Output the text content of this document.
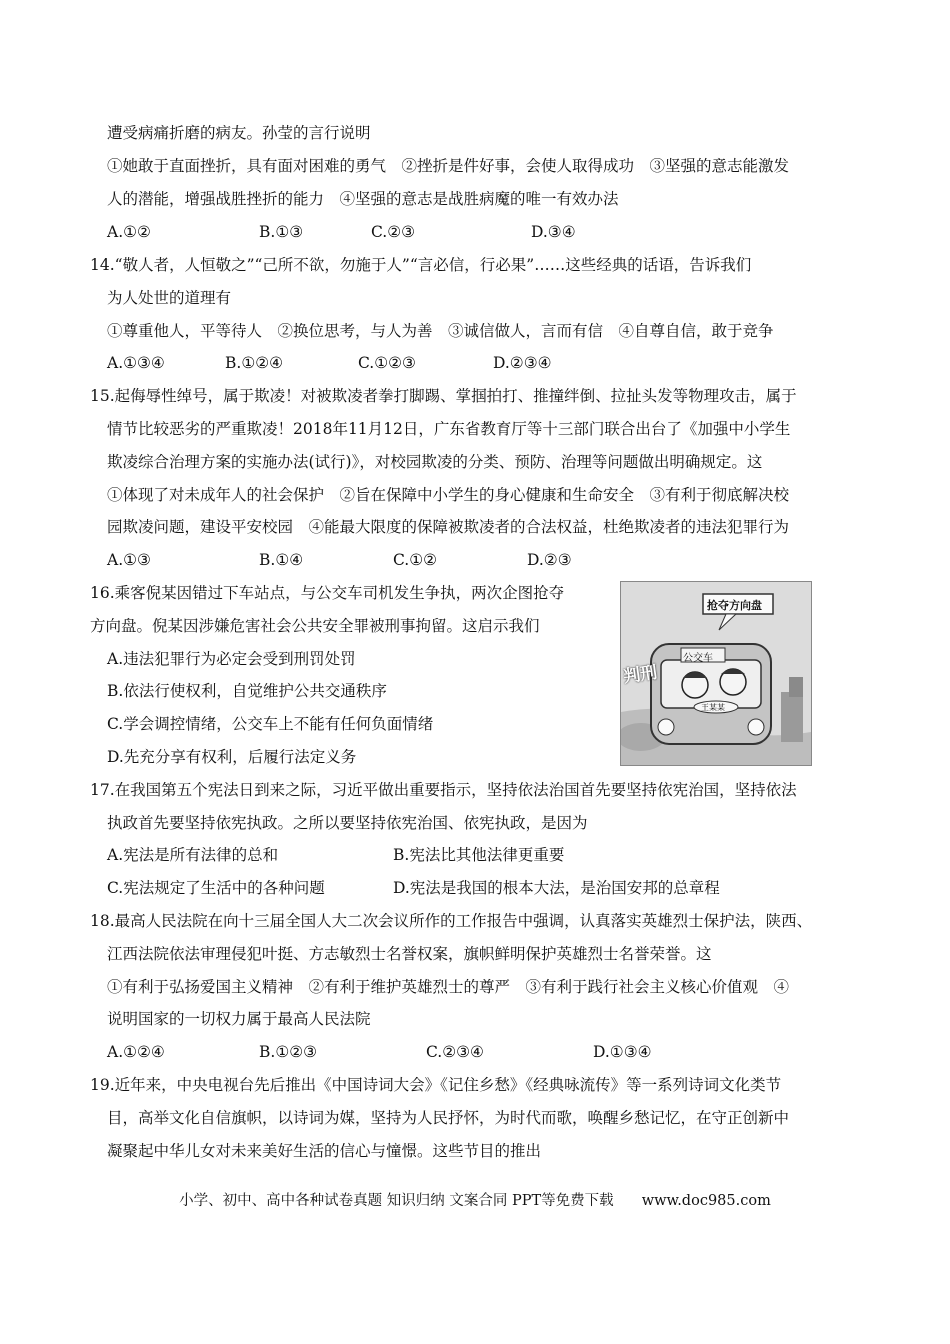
遭受病痛折磨的病友。孙莹的言行说明
①她敢于直面挫折，具有面对困难的勇气　②挫折是件好事，会使人取得成功　③坚强的意志能激发
人的潜能，增强战胜挫折的能力　④坚强的意志是战胜病魔的唯一有效办法
A.①②	B.①③	C.②③	D.③④
14.“敬人者，人恒敬之”“己所不欲，勿施于人”“言必信，行必果”……这些经典的话语，告诉我们
为人处世的道理有
①尊重他人，平等待人　②换位思考，与人为善　③诚信做人，言而有信　④自尊自信，敢于竞争
A.①③④	B.①②④	C.①②③	D.②③④
15.起侮辱性绰号，属于欺凌！对被欺凌者拳打脚踢、掌掴拍打、推撞绊倒、拉扯头发等物理攻击，属于
情节比较恶劣的严重欺凌！2018年11月12日，广东省教育厅等十三部门联合出台了《加强中小学生
欺凌综合治理方案的实施办法(试行)》，对校园欺凌的分类、预防、治理等问题做出明确规定。这
①体现了对未成年人的社会保护　②旨在保障中小学生的身心健康和生命安全　③有利于彻底解决校
园欺凌问题，建设平安校园　④能最大限度的保障被欺凌者的合法权益，杜绝欺凌者的违法犯罪行为
A.①③	B.①④	C.①②	D.②③
16.乘客倪某因错过下车站点，与公交车司机发生争执，两次企图抢夺
方向盘。倪某因涉嫌危害社会公共安全罪被刑事拘留。这启示我们
A.违法犯罪行为必定会受到刑罚处罚
B.依法行使权利，自觉维护公共交通秩序
C.学会调控情绪，公交车上不能有任何负面情绪
D.先充分享有权利，后履行法定义务
抢夺方向盘
公交车
判刑
王某某
17.在我国第五个宪法日到来之际，习近平做出重要指示，坚持依法治国首先要坚持依宪治国，坚持依法
执政首先要坚持依宪执政。之所以要坚持依宪治国、依宪执政，是因为
A.宪法是所有法律的总和	B.宪法比其他法律更重要
C.宪法规定了生活中的各种问题	D.宪法是我国的根本大法，是治国安邦的总章程
18.最高人民法院在向十三届全国人大二次会议所作的工作报告中强调，认真落实英雄烈士保护法，陕西、
江西法院依法审理侵犯叶挺、方志敏烈士名誉权案，旗帜鲜明保护英雄烈士名誉荣誉。这
①有利于弘扬爱国主义精神　②有利于维护英雄烈士的尊严　③有利于践行社会主义核心价值观　④
说明国家的一切权力属于最高人民法院
A.①②④	B.①②③	C.②③④	D.①③④
19.近年来，中央电视台先后推出《中国诗词大会》《记住乡愁》《经典咏流传》等一系列诗词文化类节
目，高举文化自信旗帜，以诗词为媒，坚持为人民抒怀，为时代而歌，唤醒乡愁记忆，在守正创新中
凝聚起中华儿女对未来美好生活的信心与憧憬。这些节目的推出
小学、初中、高中各种试卷真题 知识归纳 文案合同 PPT等免费下载 www.doc985.com
